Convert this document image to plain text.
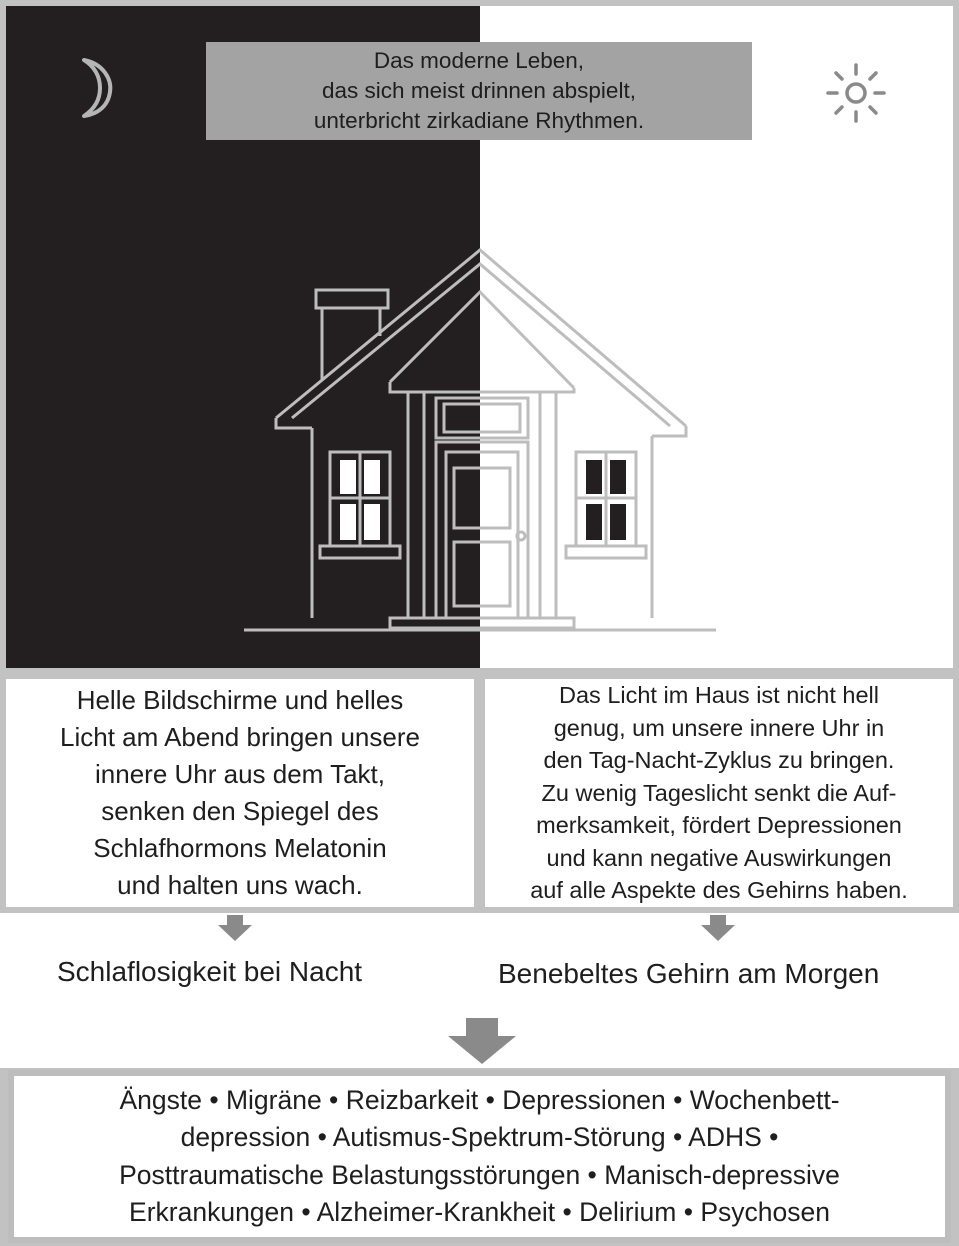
Das moderne Leben,
das sich meist drinnen abspielt,
unterbricht zirkadiane Rhythmen.
Helle Bildschirme und helles
Licht am Abend bringen unsere
innere Uhr aus dem Takt,
senken den Spiegel des
Schlafhormons Melatonin
und halten uns wach.
Das Licht im Haus ist nicht hell
genug, um unsere innere Uhr in
den Tag-Nacht-Zyklus zu bringen.
Zu wenig Tageslicht senkt die Auf-
merksamkeit, fördert Depressionen
und kann negative Auswirkungen
auf alle Aspekte des Gehirns haben.
Schlaflosigkeit bei Nacht	Benebeltes Gehirn am Morgen
Ängste • Migräne • Reizbarkeit • Depressionen • Wochenbett-
depression • Autismus-Spektrum-Störung • ADHS •
Posttraumatische Belastungsstörungen • Manisch-depressive
Erkrankungen • Alzheimer-Krankheit • Delirium • Psychosen
